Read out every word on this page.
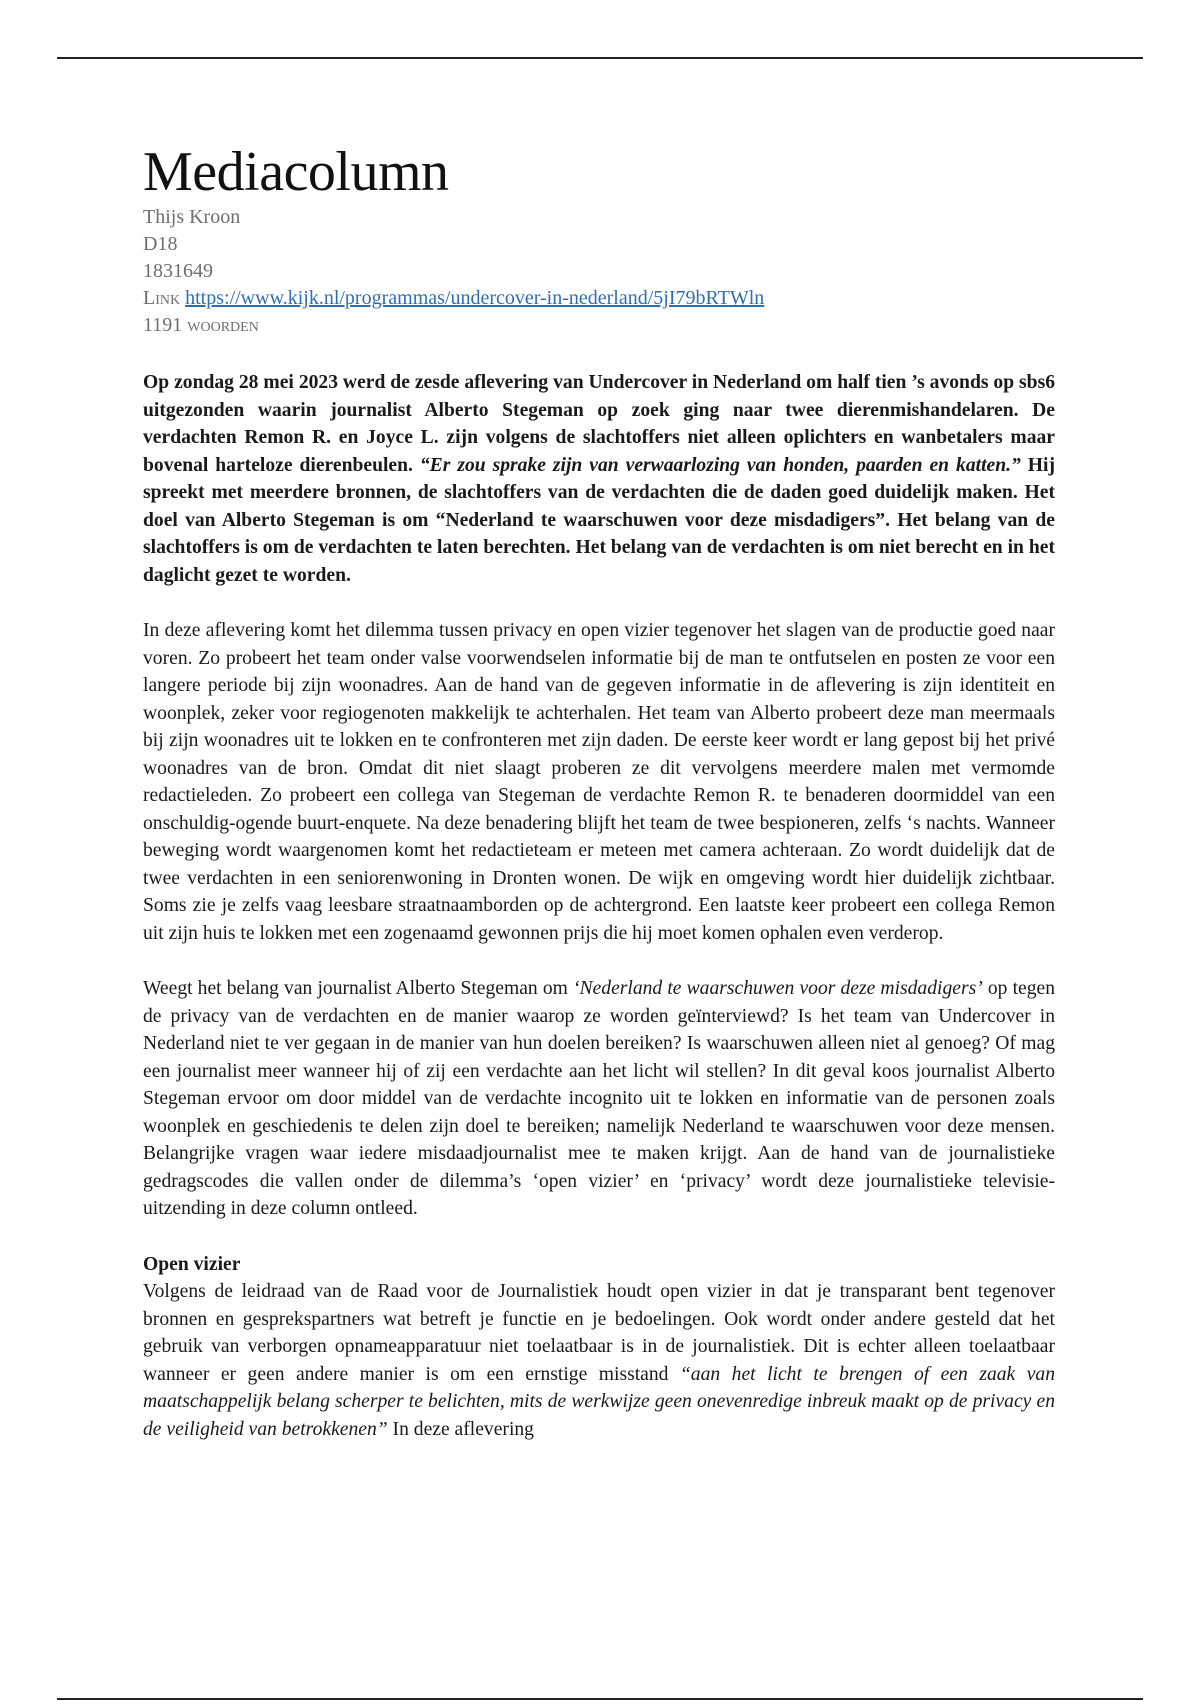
Mediacolumn
Thijs Kroon
D18
1831649
Link https://www.kijk.nl/programmas/undercover-in-nederland/5jI79bRTWln
1191 woorden

Op zondag 28 mei 2023 werd de zesde aflevering van Undercover in Nederland om half tien ’s avonds op sbs6 uitgezonden waarin journalist Alberto Stegeman op zoek ging naar twee dierenmishandelaren. De verdachten Remon R. en Joyce L. zijn volgens de slachtoffers niet alleen oplichters en wanbetalers maar bovenal harteloze dierenbeulen. “Er zou sprake zijn van verwaarlozing van honden, paarden en katten.” Hij spreekt met meerdere bronnen, de slachtoffers van de verdachten die de daden goed duidelijk maken. Het doel van Alberto Stegeman is om “Nederland te waarschuwen voor deze misdadigers”. Het belang van de slachtoffers is om de verdachten te laten berechten. Het belang van de verdachten is om niet berecht en in het daglicht gezet te worden.

In deze aflevering komt het dilemma tussen privacy en open vizier tegenover het slagen van de productie goed naar voren. Zo probeert het team onder valse voorwendselen informatie bij de man te ontfutselen en posten ze voor een langere periode bij zijn woonadres. Aan de hand van de gegeven informatie in de aflevering is zijn identiteit en woonplek, zeker voor regiogenoten makkelijk te achterhalen. Het team van Alberto probeert deze man meermaals bij zijn woonadres uit te lokken en te confronteren met zijn daden. De eerste keer wordt er lang gepost bij het privé woonadres van de bron. Omdat dit niet slaagt proberen ze dit vervolgens meerdere malen met vermomde redactieleden. Zo probeert een collega van Stegeman de verdachte Remon R. te benaderen doormiddel van een onschuldig-ogende buurt-enquete. Na deze benadering blijft het team de twee bespioneren, zelfs ‘s nachts. Wanneer beweging wordt waargenomen komt het redactieteam er meteen met camera achteraan. Zo wordt duidelijk dat de twee verdachten in een seniorenwoning in Dronten wonen. De wijk en omgeving wordt hier duidelijk zichtbaar. Soms zie je zelfs vaag leesbare straatnaamborden op de achtergrond. Een laatste keer probeert een collega Remon uit zijn huis te lokken met een zogenaamd gewonnen prijs die hij moet komen ophalen even verderop.

Weegt het belang van journalist Alberto Stegeman om ‘Nederland te waarschuwen voor deze misdadigers’ op tegen de privacy van de verdachten en de manier waarop ze worden geïnterviewd? Is het team van Undercover in Nederland niet te ver gegaan in de manier van hun doelen bereiken? Is waarschuwen alleen niet al genoeg? Of mag een journalist meer wanneer hij of zij een verdachte aan het licht wil stellen? In dit geval koos journalist Alberto Stegeman ervoor om door middel van de verdachte incognito uit te lokken en informatie van de personen zoals woonplek en geschiedenis te delen zijn doel te bereiken; namelijk Nederland te waarschuwen voor deze mensen. Belangrijke vragen waar iedere misdaadjournalist mee te maken krijgt. Aan de hand van de journalistieke gedragscodes die vallen onder de dilemma’s ‘open vizier’ en ‘privacy’ wordt deze journalistieke televisie-uitzending in deze column ontleed.

Open vizier

Volgens de leidraad van de Raad voor de Journalistiek houdt open vizier in dat je transparant bent tegenover bronnen en gesprekspartners wat betreft je functie en je bedoelingen. Ook wordt onder andere gesteld dat het gebruik van verborgen opnameapparatuur niet toelaatbaar is in de journalistiek. Dit is echter alleen toelaatbaar wanneer er geen andere manier is om een ernstige misstand “aan het licht te brengen of een zaak van maatschappelijk belang scherper te belichten, mits de werkwijze geen onevenredige inbreuk maakt op de privacy en de veiligheid van betrokkenen” In deze aflevering
